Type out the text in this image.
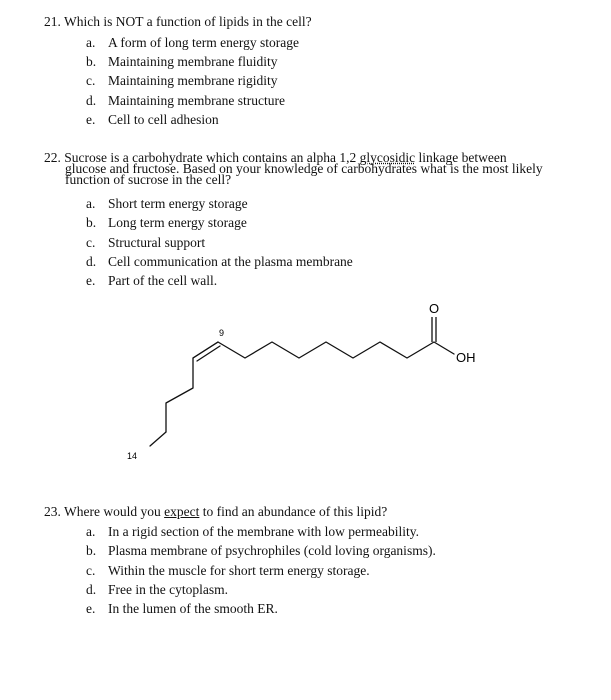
21. Which is NOT a function of lipids in the cell?

a. A form of long term energy storage
b. Maintaining membrane fluidity
c. Maintaining membrane rigidity
d. Maintaining membrane structure
e. Cell to cell adhesion
22. Sucrose is a carbohydrate which contains an alpha 1,2 glycosidic linkage between
glucose and fructose. Based on your knowledge of carbohydrates what is the most likely
function of sucrose in the cell?
a. Short term energy storage
b. Long term energy storage
c. Structural support
d. Cell communication at the plasma membrane
e. Part of the cell wall.
O
OH
9
14

23. Where would you expect to find an abundance of this lipid?

a. In a rigid section of the membrane with low permeability.
b. Plasma membrane of psychrophiles (cold loving organisms).
c. Within the muscle for short term energy storage.
d. Free in the cytoplasm.
e. In the lumen of the smooth ER.
